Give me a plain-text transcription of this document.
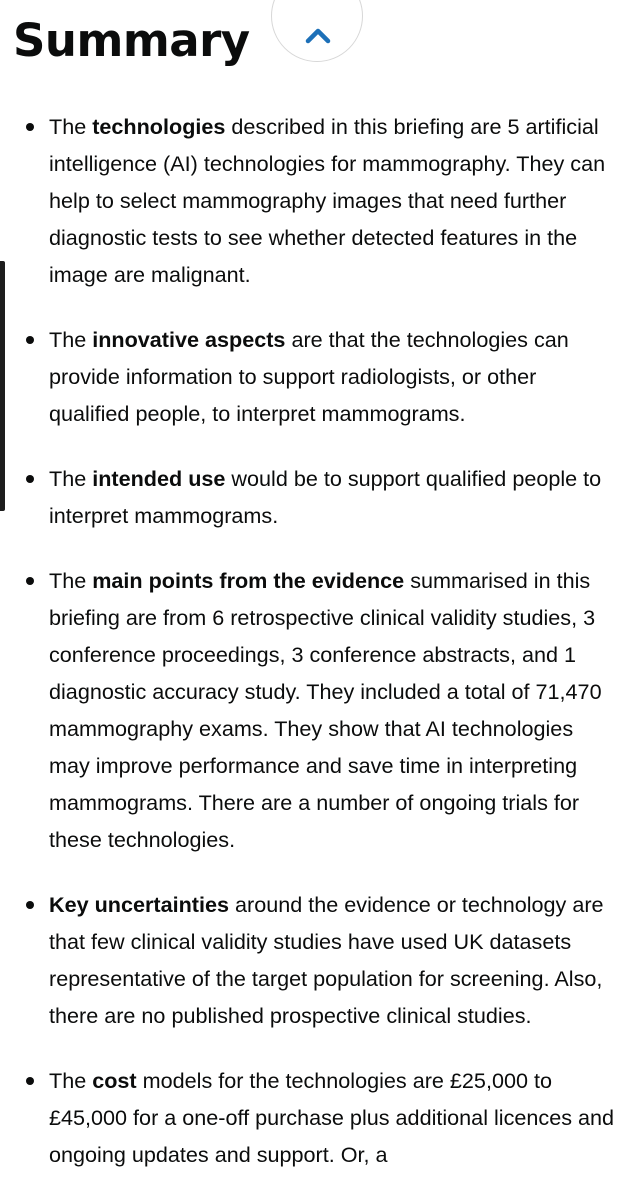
Summary
The technologies described in this briefing are 5 artificial intelligence (AI) technologies for mammography. They can help to select mammography images that need further diagnostic tests to see whether detected features in the image are malignant.
The innovative aspects are that the technologies can provide information to support radiologists, or other qualified people, to interpret mammograms.
The intended use would be to support qualified people to interpret mammograms.
The main points from the evidence summarised in this briefing are from 6 retrospective clinical validity studies, 3 conference proceedings, 3 conference abstracts, and 1 diagnostic accuracy study. They included a total of 71,470 mammography exams. They show that AI technologies may improve performance and save time in interpreting mammograms. There are a number of ongoing trials for these technologies.
Key uncertainties around the evidence or technology are that few clinical validity studies have used UK datasets representative of the target population for screening. Also, there are no published prospective clinical studies.
The cost models for the technologies are £25,000 to £45,000 for a one-off purchase plus additional licences and ongoing updates and support. Or, a
